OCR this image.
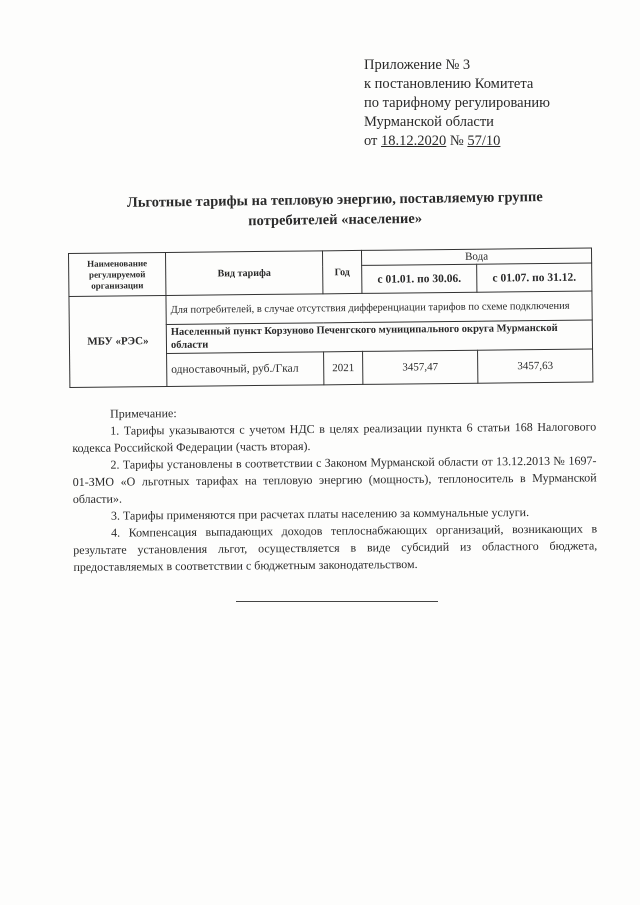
Приложение № 3
к постановлению Комитета
по тарифному регулированию
Мурманской области
от 18.12.2020 № 57/10
Льготные тарифы на тепловую энергию, поставляемую группе потребителей «население»
Наименование регулируемой организации	Вид тарифа	Год	Вода	
			с 01.01. по 30.06.	с 01.07. по 31.12.
МБУ «РЭС»	Для потребителей, в случае отсутствия дифференциации тарифов по схеме подключения			
	Населенный пункт Корзуново Печенгского муниципального округа Мурманской области			
	одноставочный, руб./Гкал	2021	3457,47	3457,63

Примечание:

1. Тарифы указываются с учетом НДС в целях реализации пункта 6 статьи 168 Налогового кодекса Российской Федерации (часть вторая).

2. Тарифы установлены в соответствии с Законом Мурманской области от 13.12.2013 № 1697-01-ЗМО «О льготных тарифах на тепловую энергию (мощность), теплоноситель в Мурманской области».

3. Тарифы применяются при расчетах платы населению за коммунальные услуги.

4. Компенсация выпадающих доходов теплоснабжающих организаций, возникающих в результате установления льгот, осуществляется в виде субсидий из областного бюджета, предоставляемых в соответствии с бюджетным законодательством.
